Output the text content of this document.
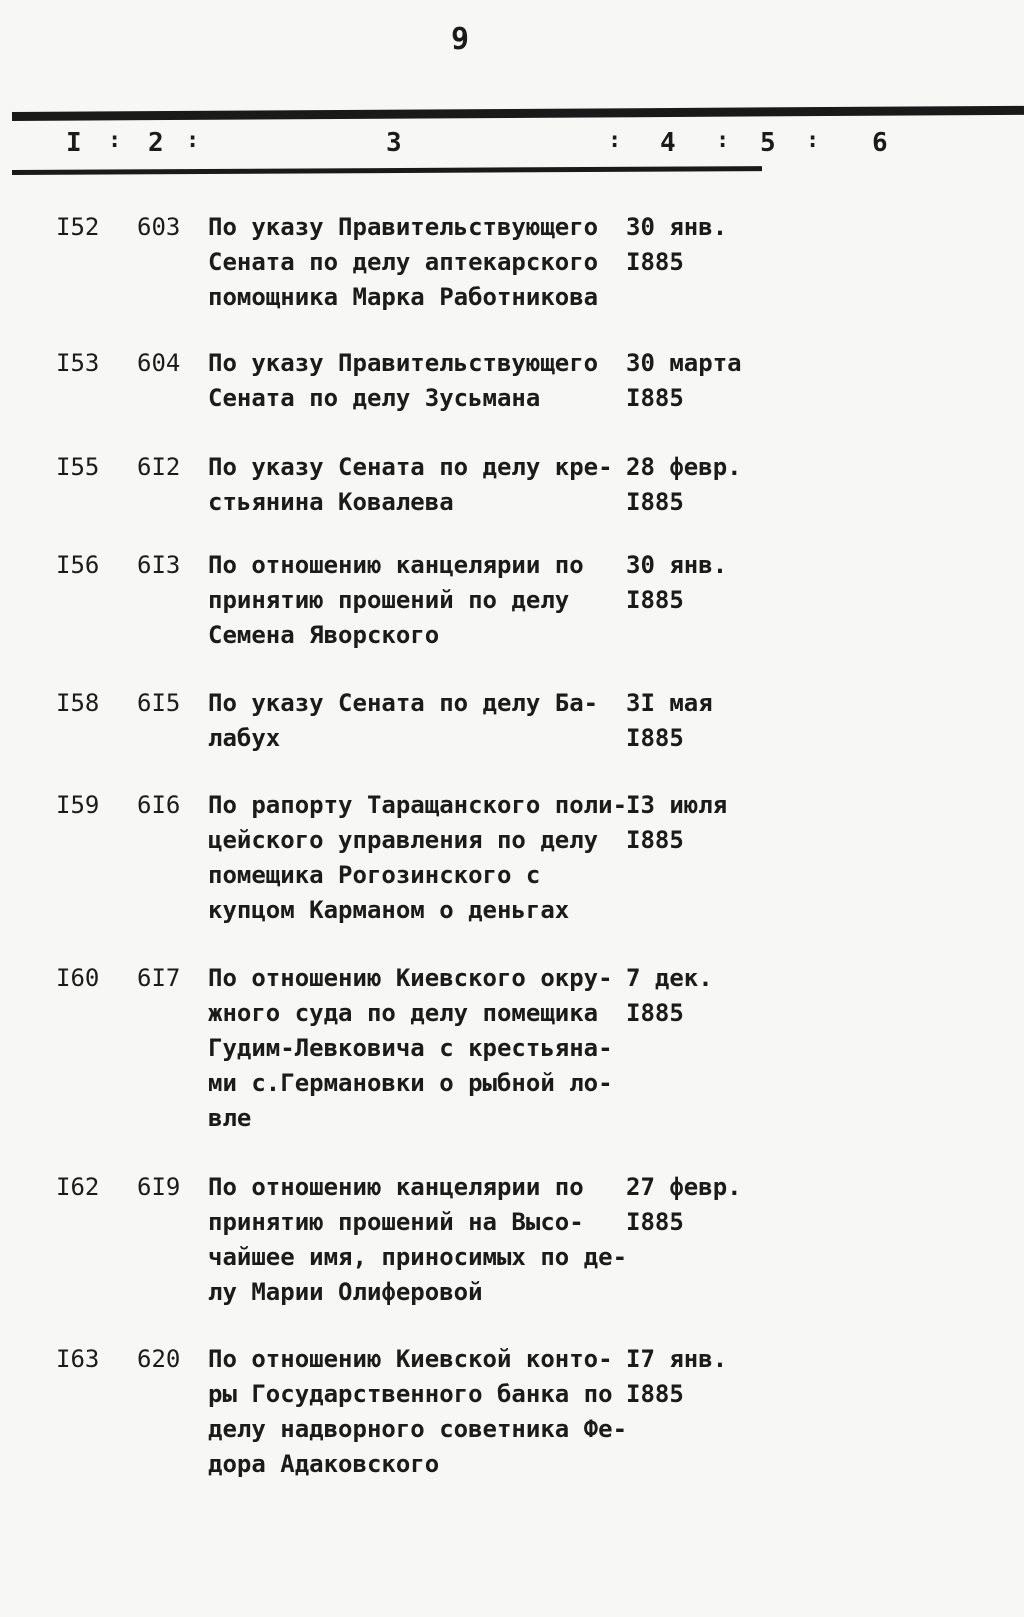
9
I : 2 :	3	: 4 : 5 : 6
I52 603 По указу Правительствующего
Сената по делу аптекарского
помощника Марка Работникова
30 янв.
I885
I53 604 По указу Правительствующего
Сената по делу Зусьмана
30 марта
I885
I55 6I2 По указу Сената по делу кре-
стьянина Ковалева
28 февр.
I885
I56 6I3 По отношению канцелярии по
принятию прошений по делу
Семена Яворского
30 янв.
I885
I58 6I5 По указу Сената по делу Ба-
лабух
3I мая
I885
I59 6I6 По рапорту Таращанского поли-
цейского управления по делу
помещика Рогозинского с
купцом Карманом о деньгах
I3 июля
I885
I60 6I7 По отношению Киевского окру-
жного суда по делу помещика
Гудим-Левковича с крестьяна-
ми с.Германовки о рыбной ло-
вле
7 дек.
I885
I62 6I9 По отношению канцелярии по
принятию прошений на Высо-
чайшее имя, приносимых по де-
лу Марии Олиферовой
27 февр.
I885
I63 620 По отношению Киевской конто-
ры Государственного банка по
делу надворного советника Фе-
дора Адаковского
I7 янв.
I885
